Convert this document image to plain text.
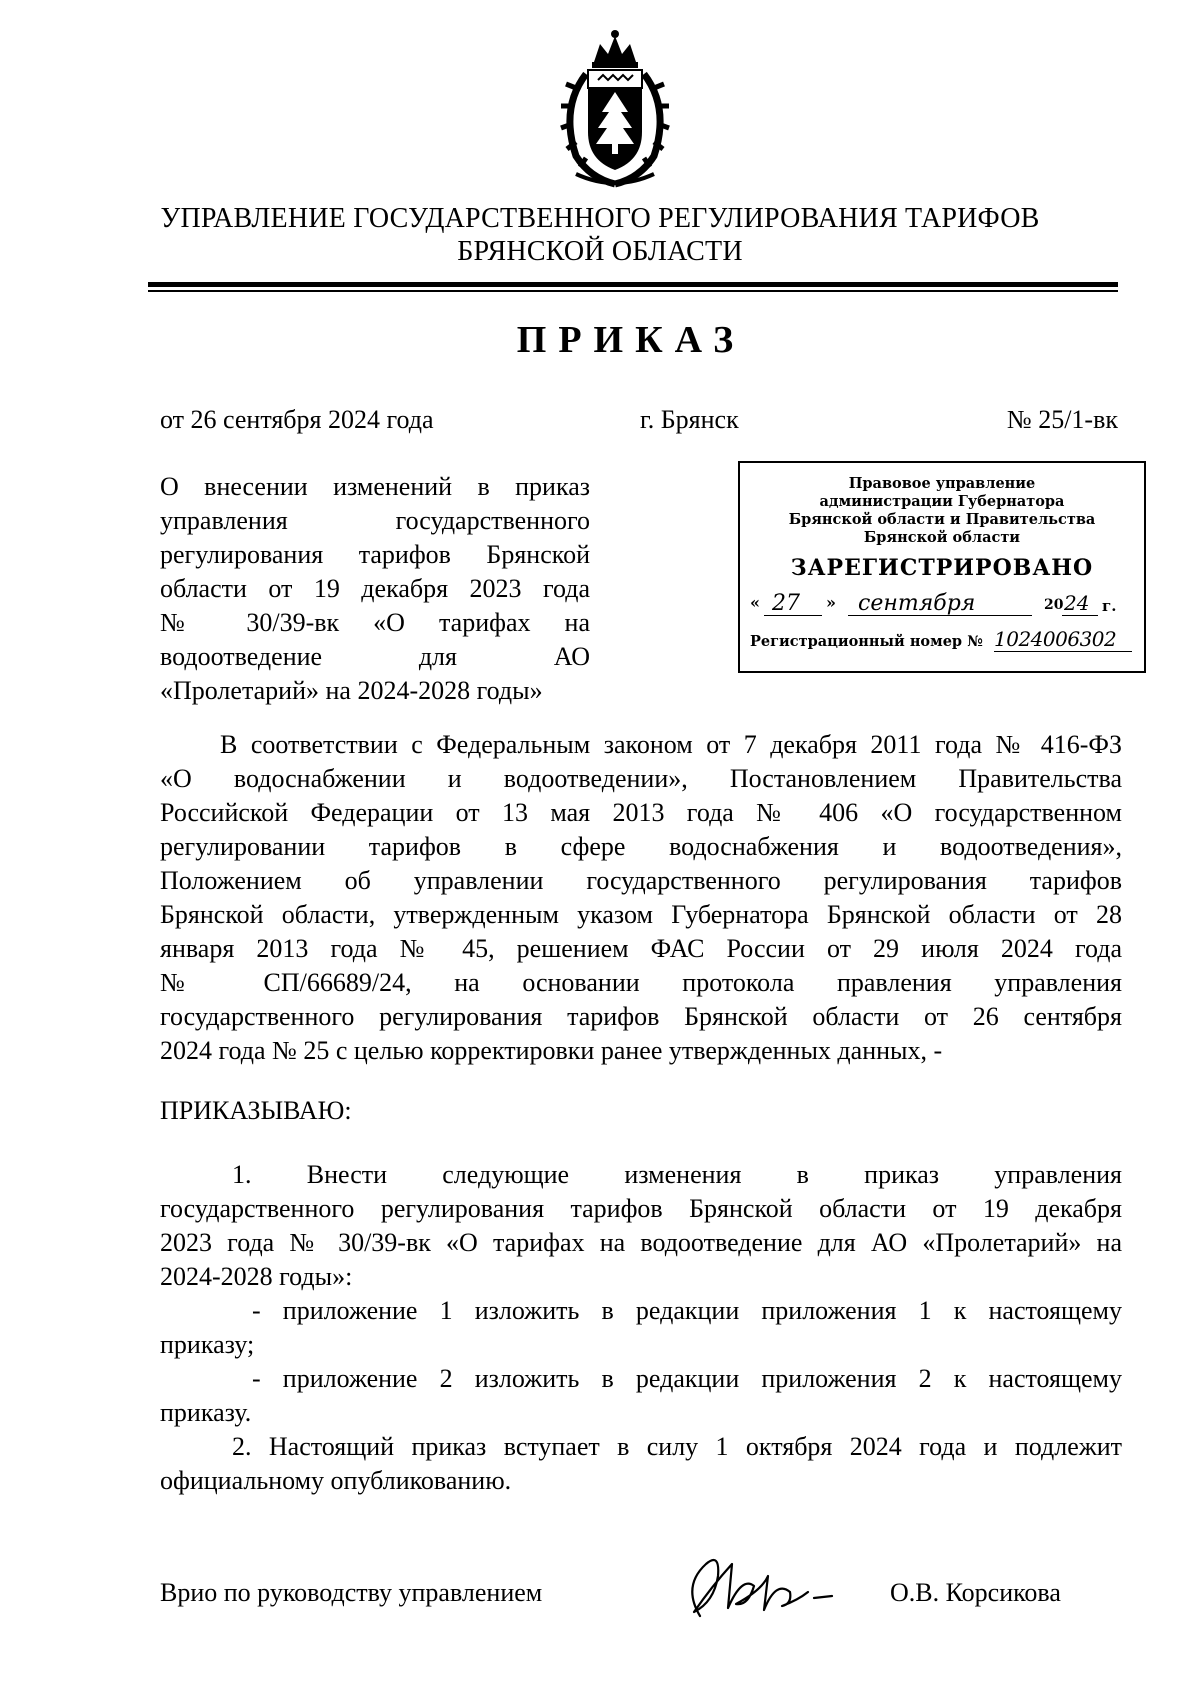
УПРАВЛЕНИЕ ГОСУДАРСТВЕННОГО РЕГУЛИРОВАНИЯ ТАРИФОВ
БРЯНСКОЙ ОБЛАСТИ
ПРИКАЗ
от 26 сентября 2024 года	г. Брянск	№ 25/1-вк
О внесении изменений в приказ
управления государственного
регулирования тарифов Брянской
области от 19 декабря 2023 года
№ 30/39-вк «О тарифах на
водоотведение для АО
«Пролетарий» на 2024-2028 годы»
Правовое управление
администрации Губернатора
Брянской области и Правительства
Брянской области
ЗАРЕГИСТРИРОВАНО
« 27 » сентября	20 24 г.
Регистрационный номер № 1024006302
В соответствии с Федеральным законом от 7 декабря 2011 года № 416-ФЗ
«О водоснабжении и водоотведении», Постановлением Правительства
Российской Федерации от 13 мая 2013 года № 406 «О государственном
регулировании тарифов в сфере водоснабжения и водоотведения»,
Положением об управлении государственного регулирования тарифов
Брянской области, утвержденным указом Губернатора Брянской области от 28
января 2013 года № 45, решением ФАС России от 29 июля 2024 года
№ СП/66689/24, на основании протокола правления управления
государственного регулирования тарифов Брянской области от 26 сентября
2024 года № 25 с целью корректировки ранее утвержденных данных, -
ПРИКАЗЫВАЮ:
1. Внести следующие изменения в приказ управления
государственного регулирования тарифов Брянской области от 19 декабря
2023 года № 30/39-вк «О тарифах на водоотведение для АО «Пролетарий» на
2024-2028 годы»:
- приложение 1 изложить в редакции приложения 1 к настоящему
приказу;
- приложение 2 изложить в редакции приложения 2 к настоящему
приказу.
2. Настоящий приказ вступает в силу 1 октября 2024 года и подлежит
официальному опубликованию.
Врио по руководству управлением	О.В. Корсикова
